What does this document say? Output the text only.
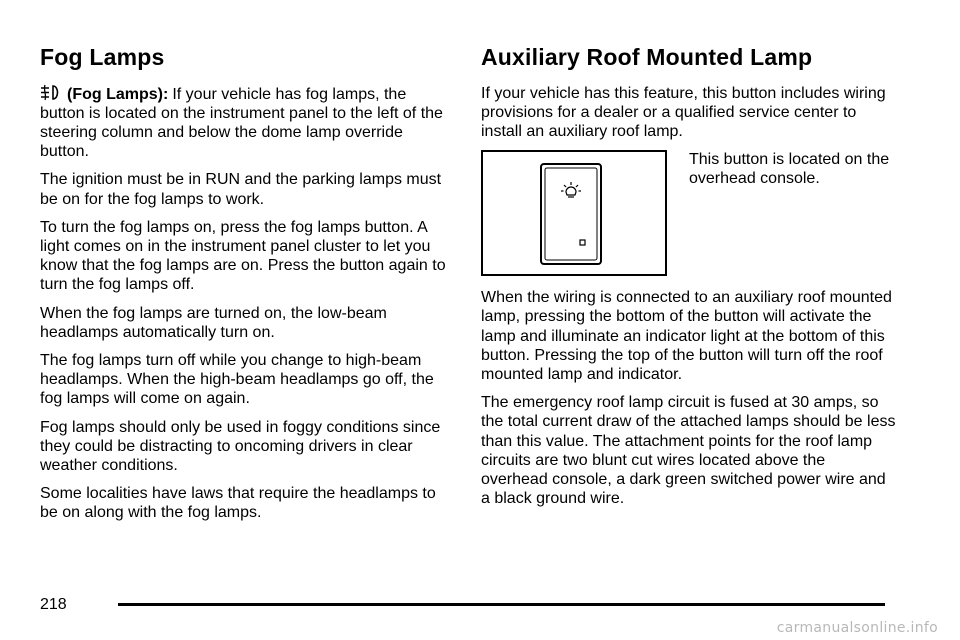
Fog Lamps

(Fog Lamps): If your vehicle has fog lamps, the button is located on the instrument panel to the left of the steering column and below the dome lamp override button.

The ignition must be in RUN and the parking lamps must be on for the fog lamps to work.

To turn the fog lamps on, press the fog lamps button. A light comes on in the instrument panel cluster to let you know that the fog lamps are on. Press the button again to turn the fog lamps off.

When the fog lamps are turned on, the low-beam headlamps automatically turn on.

The fog lamps turn off while you change to high-beam headlamps. When the high-beam headlamps go off, the fog lamps will come on again.

Fog lamps should only be used in foggy conditions since they could be distracting to oncoming drivers in clear weather conditions.

Some localities have laws that require the headlamps to be on along with the fog lamps.

Auxiliary Roof Mounted Lamp

If your vehicle has this feature, this button includes wiring provisions for a dealer or a qualified service center to install an auxiliary roof lamp.

This button is located on the overhead console.

When the wiring is connected to an auxiliary roof mounted lamp, pressing the bottom of the button will activate the lamp and illuminate an indicator light at the bottom of this button. Pressing the top of the button will turn off the roof mounted lamp and indicator.

The emergency roof lamp circuit is fused at 30 amps, so the total current draw of the attached lamps should be less than this value. The attachment points for the roof lamp circuits are two blunt cut wires located above the overhead console, a dark green switched power wire and a black ground wire.

218
carmanualsonline.info
